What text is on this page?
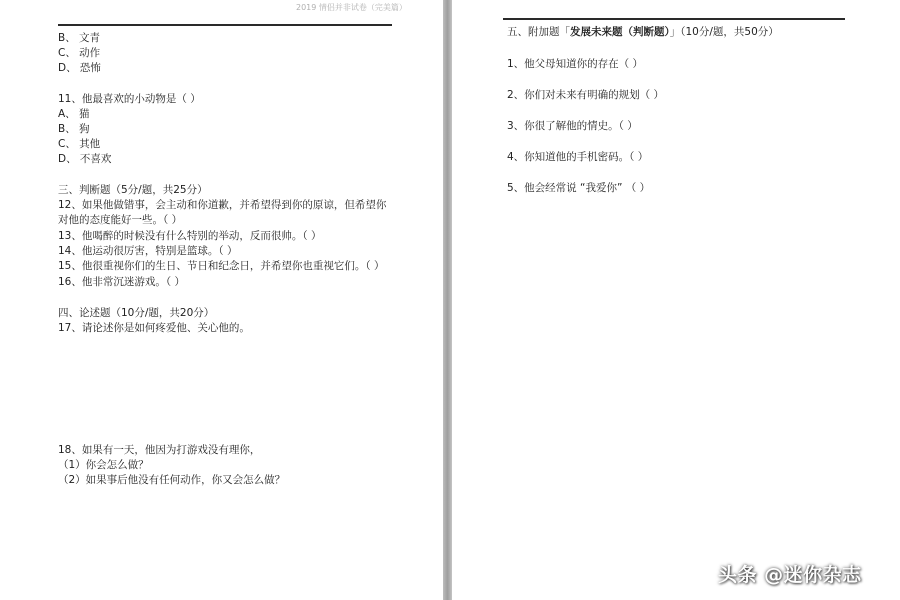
2019 情侣并非试卷（完美篇）
B、 文青
C、 动作
D、 恐怖
11、他最喜欢的小动物是（ ）
A、 猫
B、 狗
C、 其他
D、 不喜欢
三、判断题（5分/题，共25分）
12、如果他做错事，会主动和你道歉，并希望得到你的原谅，但希望你
对他的态度能好一些。（ ）
13、他喝醉的时候没有什么特别的举动，反而很帅。（ ）
14、他运动很厉害，特别是篮球。（ ）
15、他很重视你们的生日、节日和纪念日，并希望你也重视它们。（ ）
16、他非常沉迷游戏。（ ）
四、论述题（10分/题，共20分）
17、请论述你是如何疼爱他、关心他的。
18、如果有一天，他因为打游戏没有理你，
（1）你会怎么做？
（2）如果事后他没有任何动作，你又会怎么做？
五、附加题「发展未来题（判断题）」（10分/题，共50分）
1、他父母知道你的存在（ ）
2、你们对未来有明确的规划（ ）
3、你很了解他的情史。（ ）
4、你知道他的手机密码。（ ）
5、他会经常说 “我爱你” （ ）
头条 @迷你杂志
